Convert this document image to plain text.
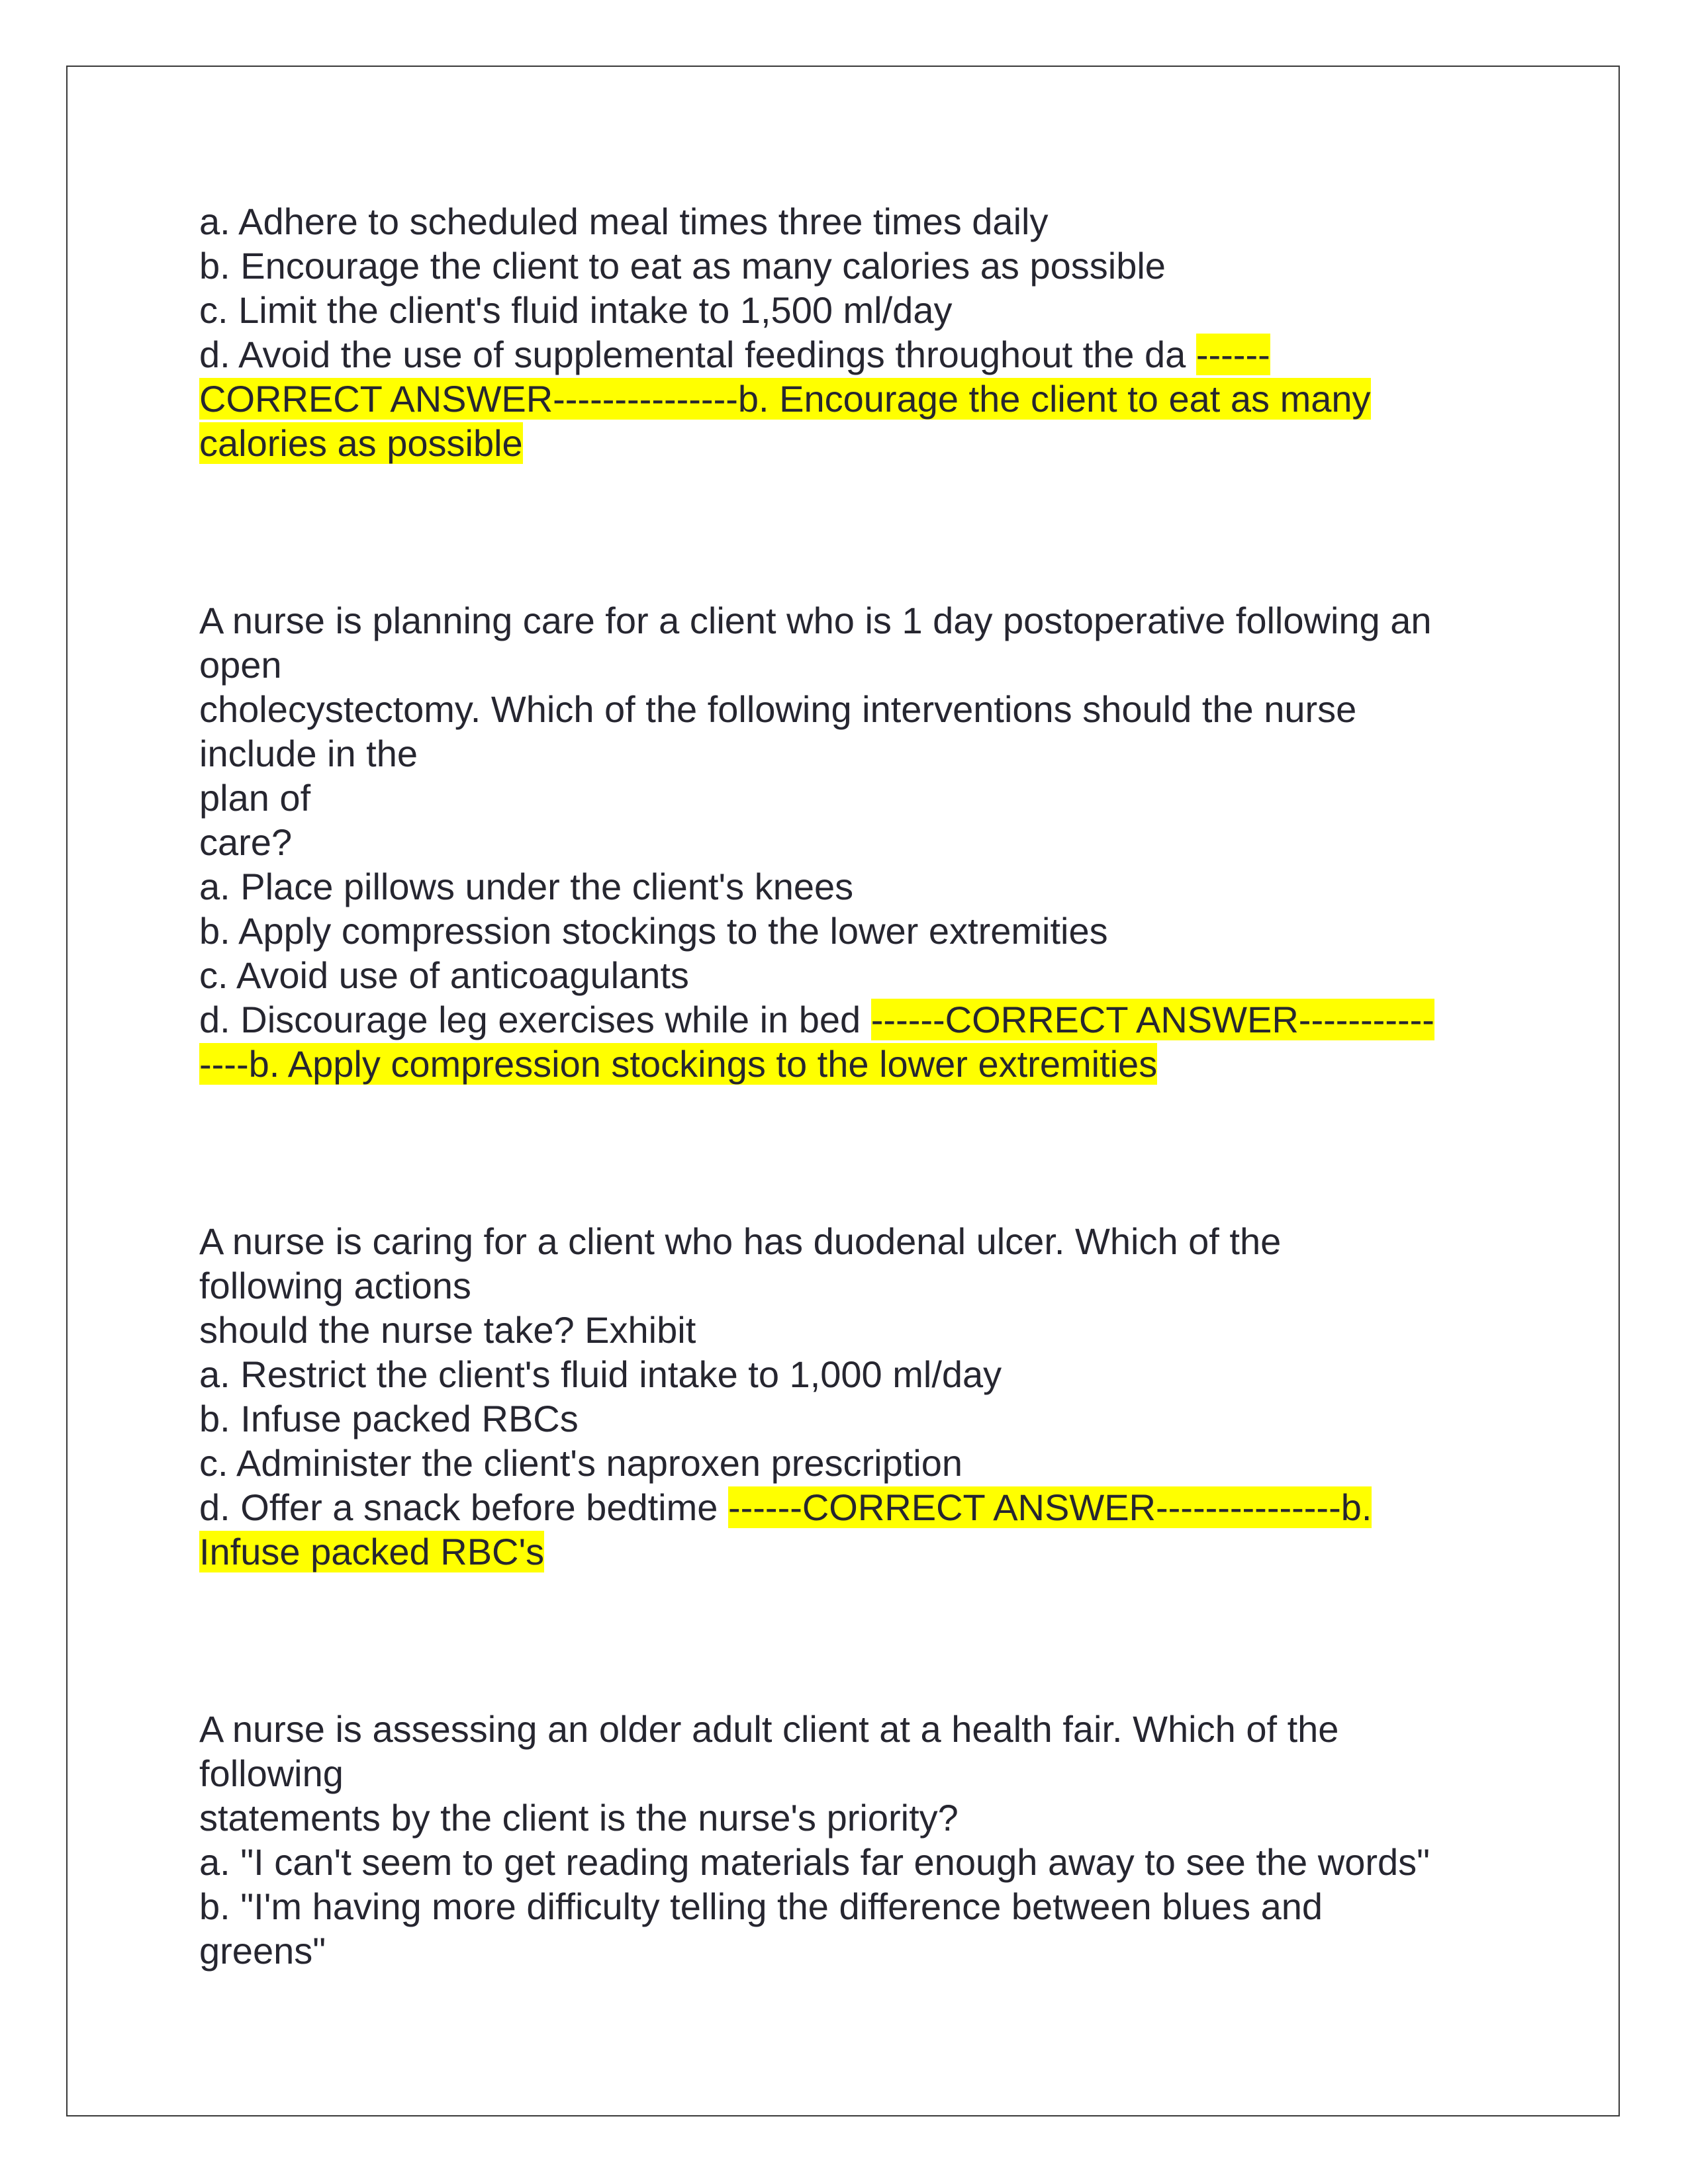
a. Adhere to scheduled meal times three times daily
b. Encourage the client to eat as many calories as possible
c. Limit the client's fluid intake to 1,500 ml/day
d. Avoid the use of supplemental feedings throughout the da ------
CORRECT ANSWER---------------b. Encourage the client to eat as many
calories as possible
A nurse is planning care for a client who is 1 day postoperative following an
open
cholecystectomy. Which of the following interventions should the nurse
include in the
plan of
care?
a. Place pillows under the client's knees
b. Apply compression stockings to the lower extremities
c. Avoid use of anticoagulants
d. Discourage leg exercises while in bed ------CORRECT ANSWER-----------
----b. Apply compression stockings to the lower extremities
A nurse is caring for a client who has duodenal ulcer. Which of the
following actions
should the nurse take? Exhibit
a. Restrict the client's fluid intake to 1,000 ml/day
b. Infuse packed RBCs
c. Administer the client's naproxen prescription
d. Offer a snack before bedtime ------CORRECT ANSWER---------------b.
Infuse packed RBC's
A nurse is assessing an older adult client at a health fair. Which of the
following
statements by the client is the nurse's priority?
a. "I can't seem to get reading materials far enough away to see the words"
b. "I'm having more difficulty telling the difference between blues and
greens"
